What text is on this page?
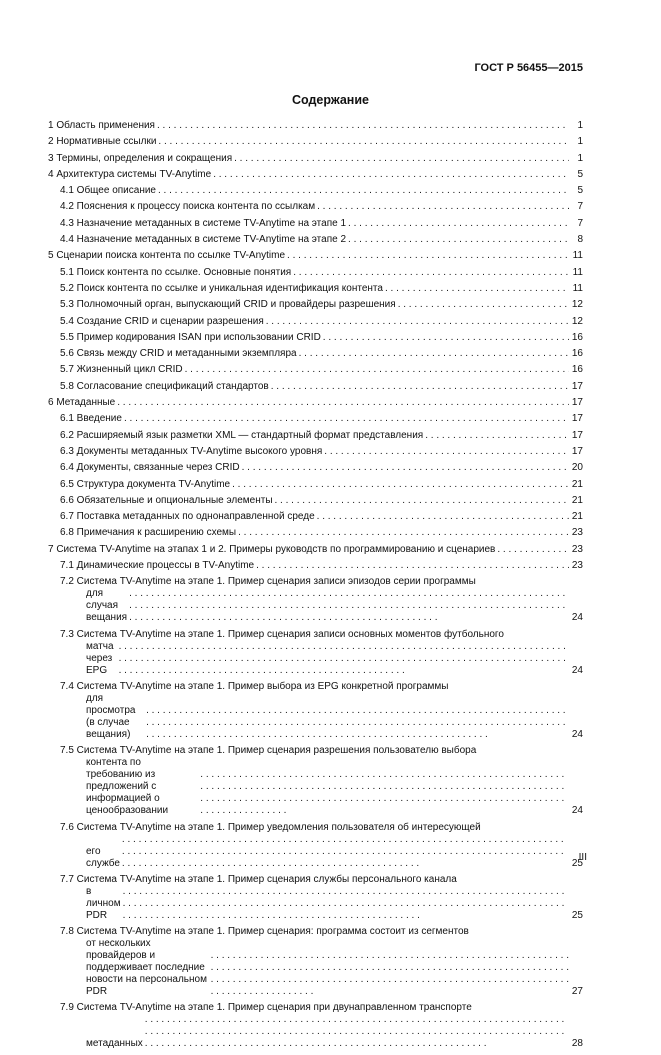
ГОСТ Р 56455—2015
Содержание
1 Область применения . . .	1
2 Нормативные ссылки . . .	1
3 Термины, определения и сокращения . . .	1
4 Архитектура системы TV-Anytime . . .	5
4.1 Общее описание . . .	5
4.2 Пояснения к процессу поиска контента по ссылкам . . .	7
4.3 Назначение метаданных в системе TV-Anytime на этапе 1 . . .	7
4.4 Назначение метаданных в системе TV-Anytime на этапе 2 . . .	8
5 Сценарии поиска контента по ссылке TV-Anytime . . .	11
5.1 Поиск контента по ссылке. Основные понятия . . .	11
5.2 Поиск контента по ссылке и уникальная идентификация контента . . .	11
5.3 Полномочный орган, выпускающий CRID и провайдеры разрешения . . .	12
5.4 Создание CRID и сценарии разрешения . . .	12
5.5 Пример кодирования ISAN при использовании CRID . . .	16
5.6 Связь между CRID и метаданными экземпляра . . .	16
5.7 Жизненный цикл CRID . . .	16
5.8 Согласование спецификаций стандартов . . .	17
6 Метаданные . . .	17
6.1 Введение . . .	17
6.2 Расширяемый язык разметки XML — стандартный формат представления . . .	17
6.3 Документы метаданных TV-Anytime высокого уровня . . .	17
6.4 Документы, связанные через CRID . . .	20
6.5 Структура документа TV-Anytime . . .	21
6.6 Обязательные и опциональные элементы . . .	21
6.7 Поставка метаданных по однонаправленной среде . . .	21
6.8 Примечания к расширению схемы . . .	23
7 Система TV-Anytime на этапах 1 и 2. Примеры руководств по программированию и сценариев . . .	23
7.1 Динамические процессы в TV-Anytime . . .	23
7.2 Система TV-Anytime на этапе 1. Пример сценария записи эпизодов серии программы
для случая вещания . . .	24
7.3 Система TV-Anytime на этапе 1. Пример сценария записи основных моментов футбольного
матча через EPG . . .	24
7.4 Система TV-Anytime на этапе 1. Пример выбора из EPG конкретной программы
для просмотра (в случае вещания) . . .	24
7.5 Система TV-Anytime на этапе 1. Пример сценария разрешения пользователю выбора
контента по требованию из предложений с информацией о ценообразовании . . .	24
7.6 Система TV-Anytime на этапе 1. Пример уведомления пользователя об интересующей
его службе . . .	25
7.7 Система TV-Anytime на этапе 1. Пример сценария службы персонального канала
в личном PDR . . .	25
7.8 Система TV-Anytime на этапе 1. Пример сценария: программа состоит из сегментов
от нескольких провайдеров и поддерживает последние новости на персональном PDR . . .	27
7.9 Система TV-Anytime на этапе 1. Пример сценария при двунаправленном транспорте
метаданных . . .	28
III
